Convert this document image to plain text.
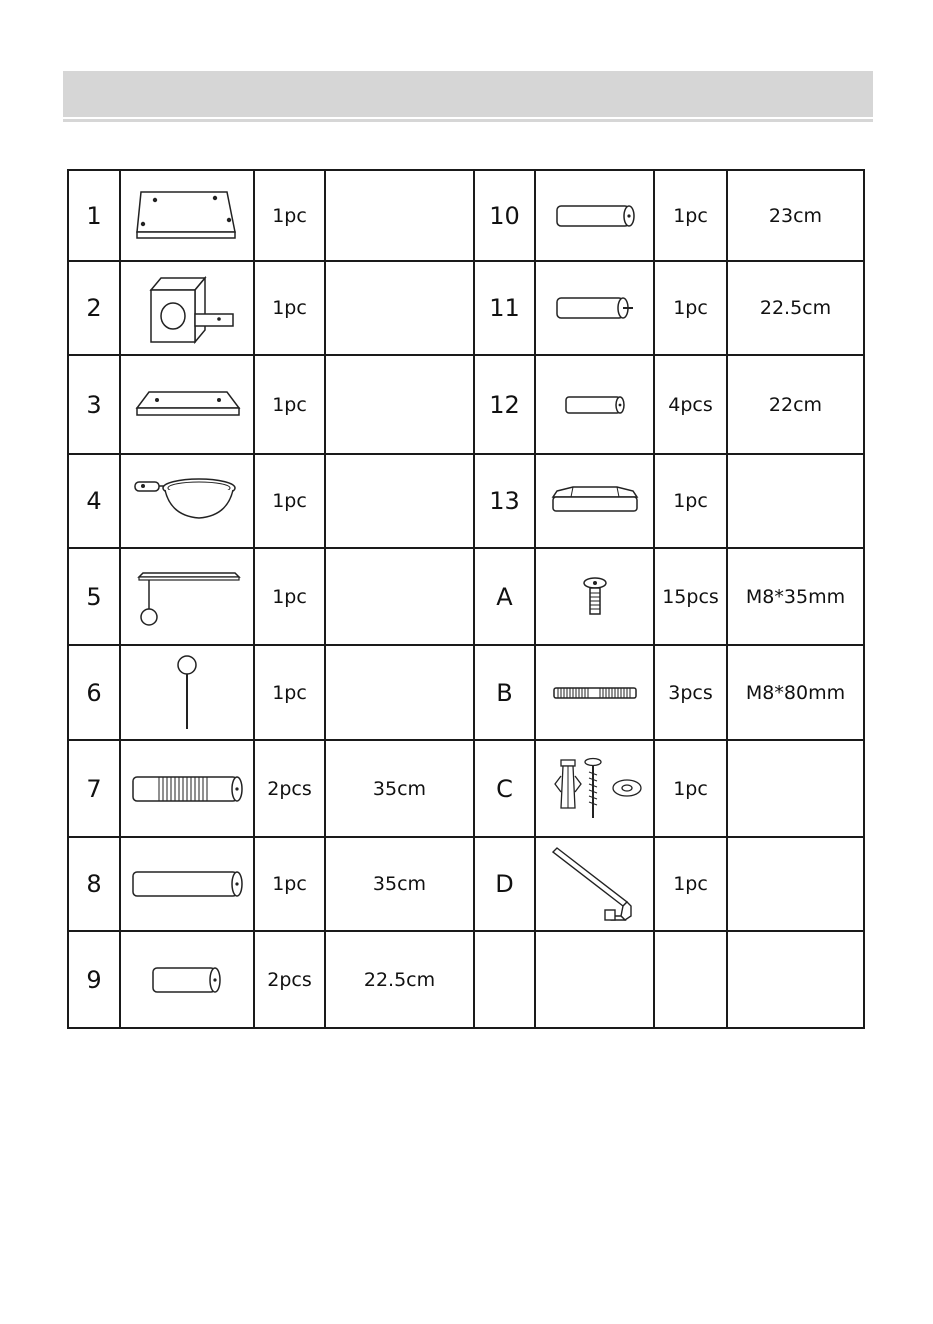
1		1pc		10		1pc	23cm
2		1pc		11		1pc	22.5cm
3		1pc		12		4pcs	22cm
4		1pc		13		1pc	
5		1pc		A		15pcs	M8*35mm
6		1pc		B		3pcs	M8*80mm
7		2pcs	35cm	C		1pc	
8		1pc	35cm	D		1pc	
9		2pcs	22.5cm				
